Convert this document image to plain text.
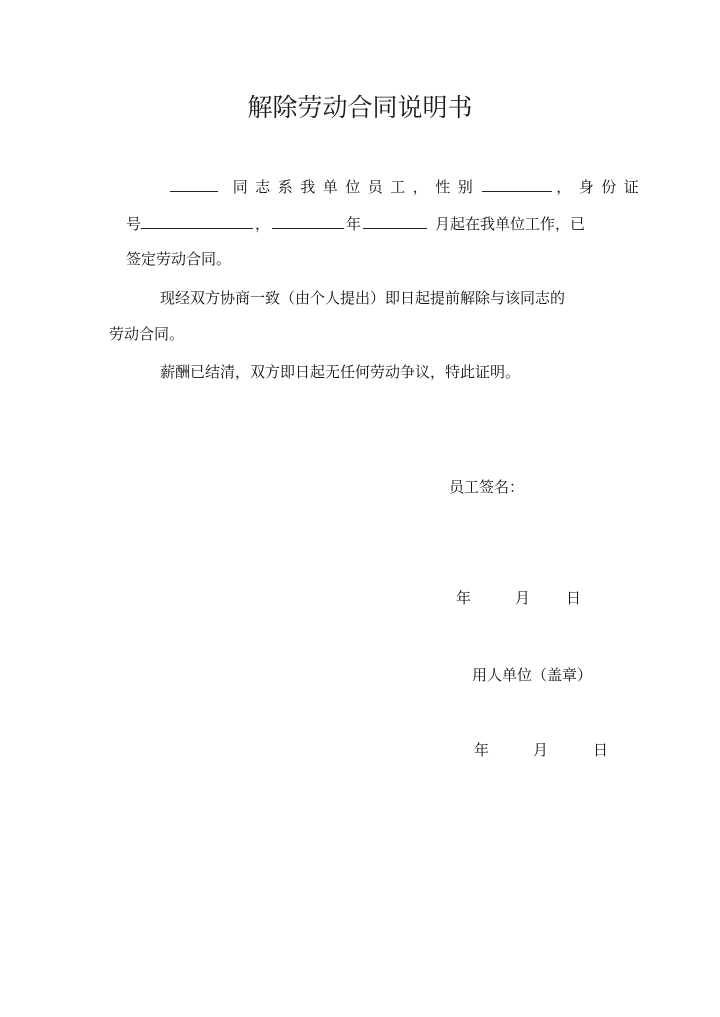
解除劳动合同说明书
同志系我单位员工，性别	，身份证
号	，	年	月起在我单位工作，已
签定劳动合同。
现经双方协商一致（由个人提出）即日起提前解除与该同志的
劳动合同。
薪酬已结清，双方即日起无任何劳动争议，特此证明。
员工签名：
年	月 日
用人单位（盖章）
年	月	日
